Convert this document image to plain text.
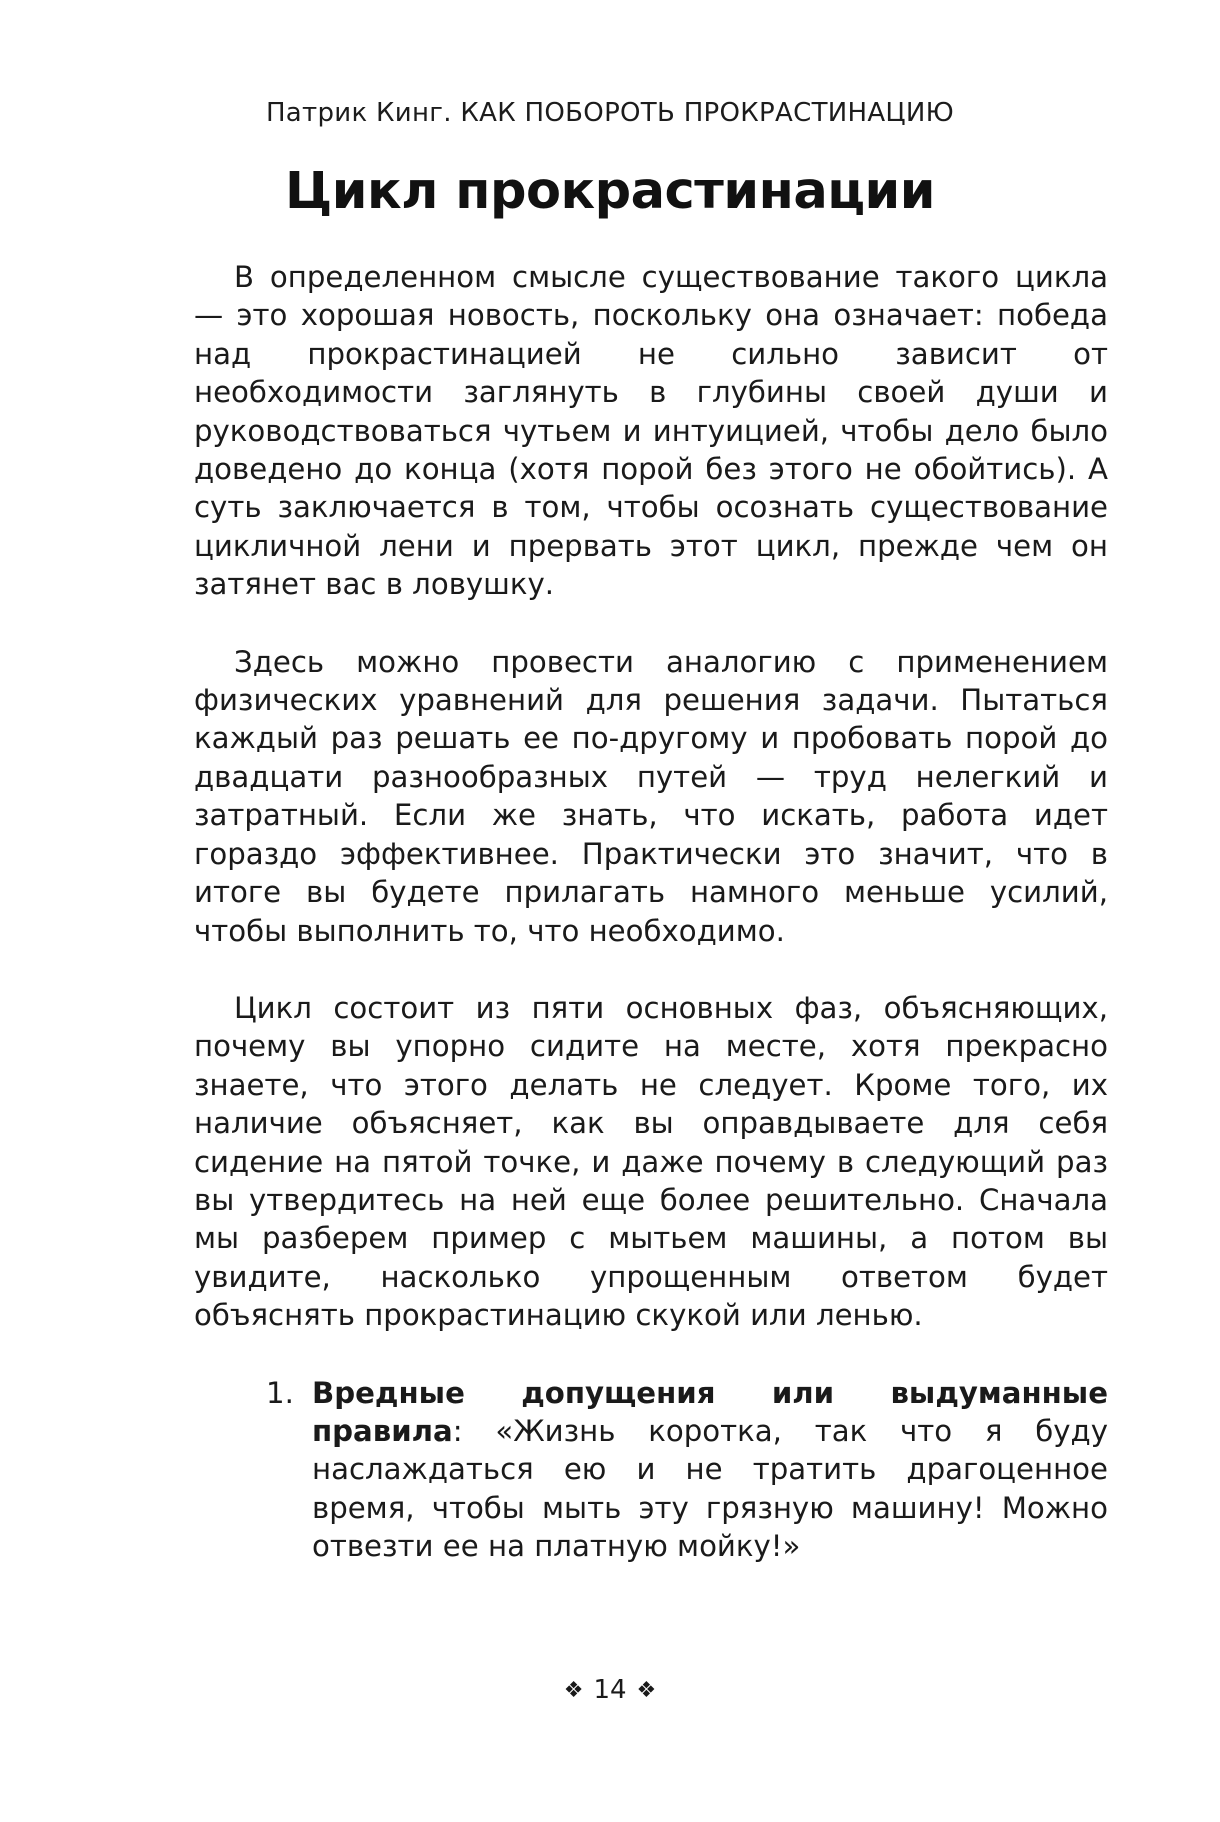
Патрик Кинг. КАК ПОБОРОТЬ ПРОКРАСТИНАЦИЮ
Цикл прокрастинации

В определенном смысле существование такого цикла — это хорошая новость, поскольку она означает: победа над прокрастинацией не сильно зависит от необходимости заглянуть в глубины своей души и руководствоваться чутьем и интуицией, чтобы дело было доведено до конца (хотя порой без этого не обойтись). А суть заключается в том, чтобы осознать существование цикличной лени и прервать этот цикл, прежде чем он затянет вас в ловушку.

Здесь можно провести аналогию с применением физических уравнений для решения задачи. Пытаться каждый раз решать ее по-другому и пробовать порой до двадцати разнообразных путей — труд нелегкий и затратный. Если же знать, что искать, работа идет гораздо эффективнее. Практически это значит, что в итоге вы будете прилагать намного меньше усилий, чтобы выполнить то, что необходимо.

Цикл состоит из пяти основных фаз, объясняющих, почему вы упорно сидите на месте, хотя прекрасно знаете, что этого делать не следует. Кроме того, их наличие объясняет, как вы оправдываете для себя сидение на пятой точке, и даже почему в следующий раз вы утвердитесь на ней еще более решительно. Сначала мы разберем пример с мытьем машины, а потом вы увидите, насколько упрощенным ответом будет объяснять прокрастинацию скукой или ленью.

1. Вредные допущения или выдуманные правила: «Жизнь коротка, так что я буду наслаждаться ею и не тратить драгоценное время, чтобы мыть эту грязную машину! Можно отвезти ее на платную мойку!»
❖ 14 ❖
